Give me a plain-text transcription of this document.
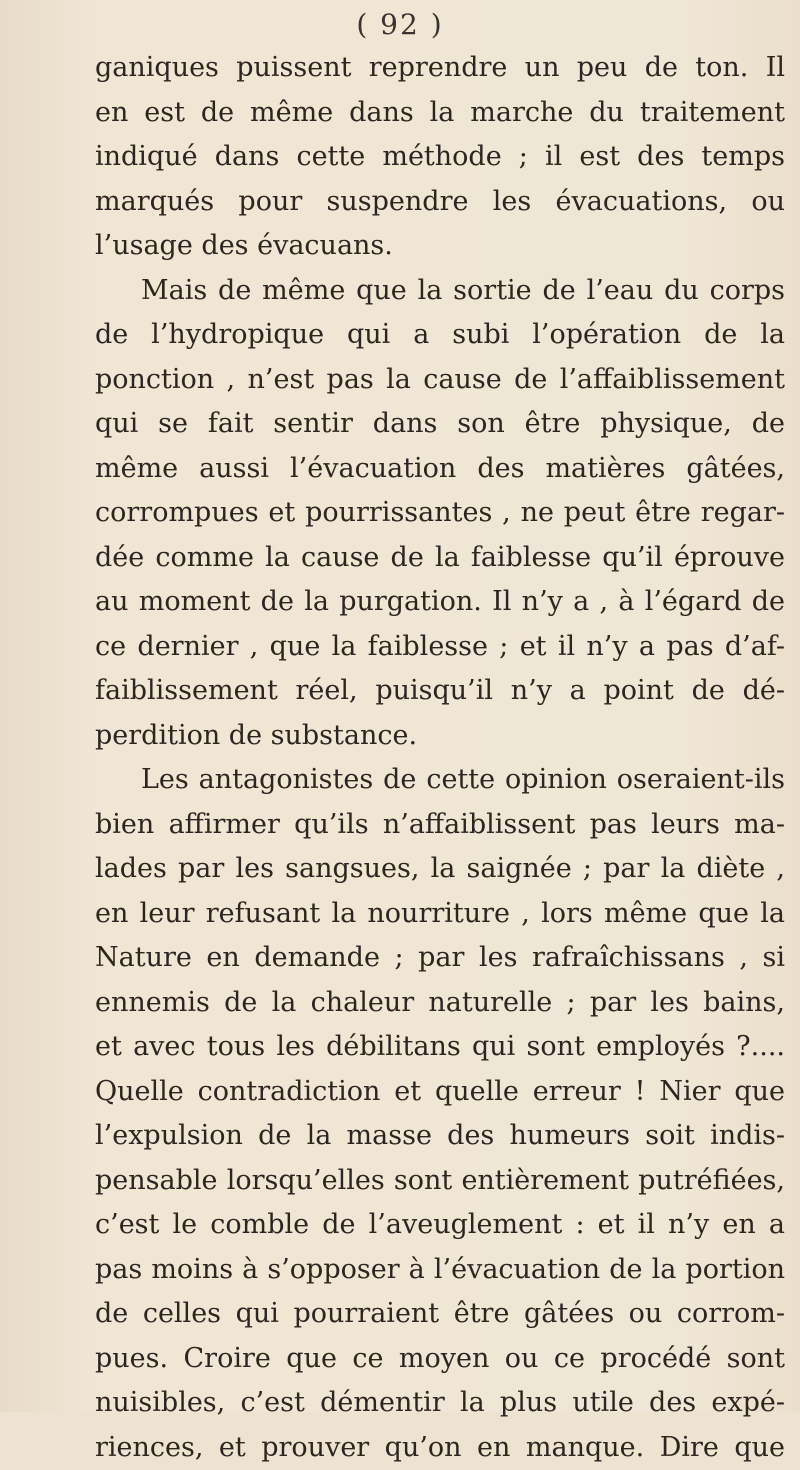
( 92 )
ganiques puissent reprendre un peu de ton. Il
en est de même dans la marche du traitement
indiqué dans cette méthode ; il est des temps
marqués pour suspendre les évacuations, ou
l’usage des évacuans.
Mais de même que la sortie de l’eau du corps
de l’hydropique qui a subi l’opération de la
ponction , n’est pas la cause de l’affaiblissement
qui se fait sentir dans son être physique, de
même aussi l’évacuation des matières gâtées,
corrompues et pourrissantes , ne peut être regar-
dée comme la cause de la faiblesse qu’il éprouve
au moment de la purgation. Il n’y a , à l’égard de
ce dernier , que la faiblesse ; et il n’y a pas d’af-
faiblissement réel, puisqu’il n’y a point de dé-
perdition de substance.
Les antagonistes de cette opinion oseraient-ils
bien affirmer qu’ils n’affaiblissent pas leurs ma-
lades par les sangsues, la saignée ; par la diète ,
en leur refusant la nourriture , lors même que la
Nature en demande ; par les rafraîchissans , si
ennemis de la chaleur naturelle ; par les bains,
et avec tous les débilitans qui sont employés ?....
Quelle contradiction et quelle erreur ! Nier que
l’expulsion de la masse des humeurs soit indis-
pensable lorsqu’elles sont entièrement putréfiées,
c’est le comble de l’aveuglement : et il n’y en a
pas moins à s’opposer à l’évacuation de la portion
de celles qui pourraient être gâtées ou corrom-
pues. Croire que ce moyen ou ce procédé sont
nuisibles, c’est démentir la plus utile des expé-
riences, et prouver qu’on en manque. Dire que
